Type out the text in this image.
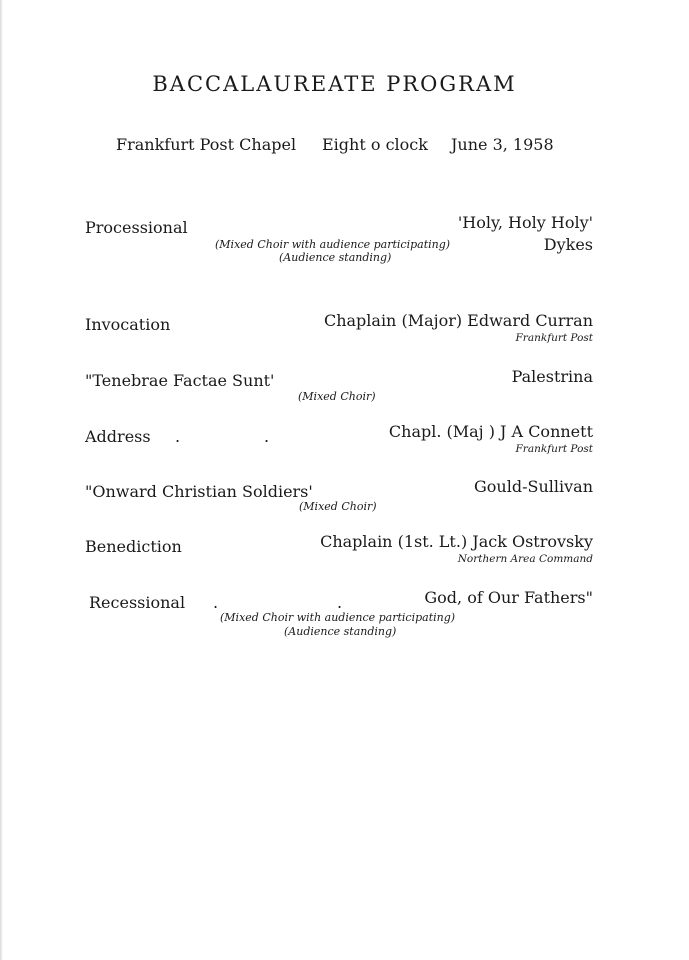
BACCALAUREATE PROGRAM
Frankfurt Post Chapel Eight o clock June 3, 1958
Processional	'Holy, Holy Holy'
Dykes
(Mixed Choir with audience participating)
(Audience standing)
Invocation	Chaplain (Major) Edward Curran
Frankfurt Post
"Tenebrae Factae Sunt'	Palestrina
(Mixed Choir)
Address .	.	Chapl. (Maj ) J A Connett
Frankfurt Post
"Onward Christian Soldiers'	Gould-Sullivan
(Mixed Choir)
Benediction	Chaplain (1st. Lt.) Jack Ostrovsky
Northern Area Command
Recessional .	.	God, of Our Fathers"
(Mixed Choir with audience participating)
(Audience standing)
